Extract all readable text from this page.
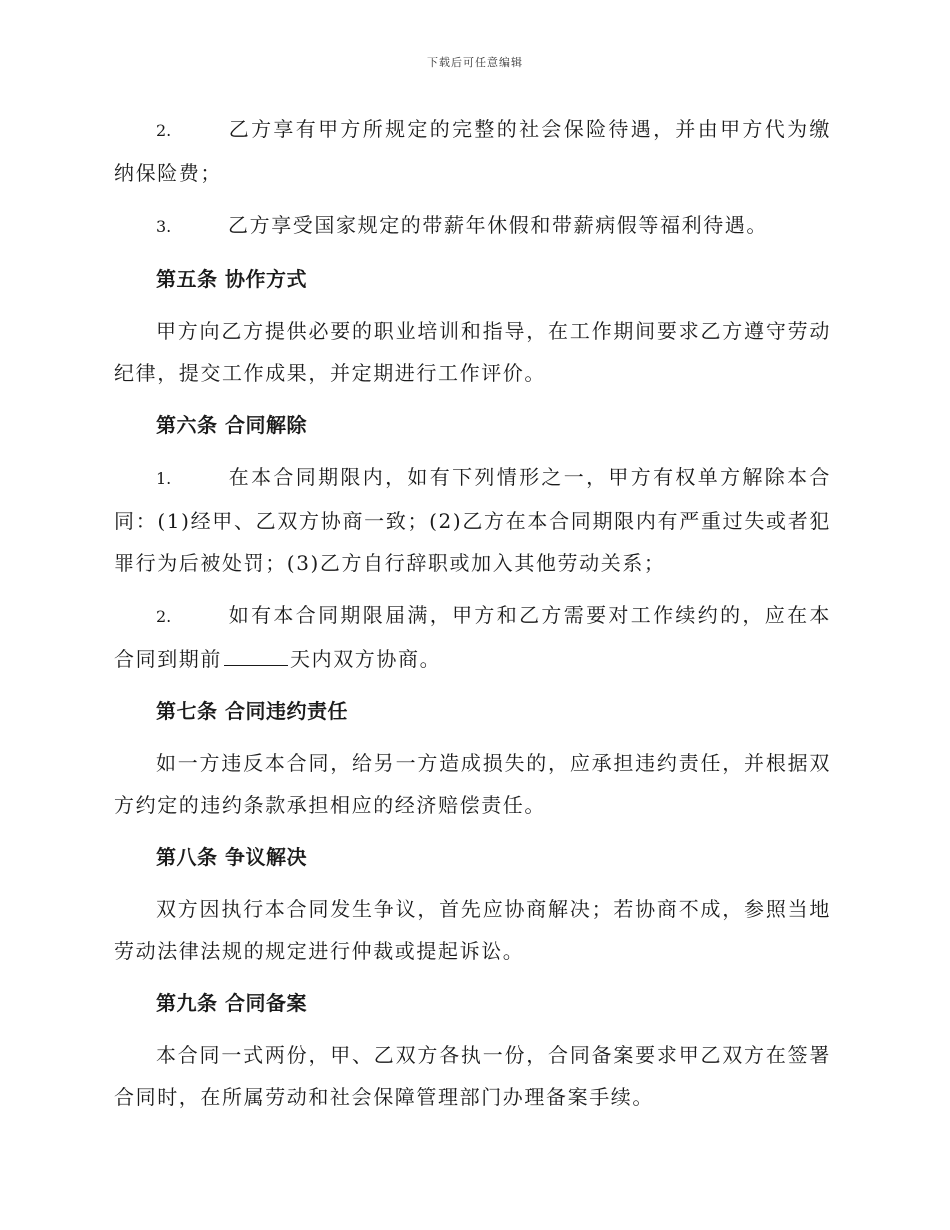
下载后可任意编辑

2.	乙方享有甲方所规定的完整的社会保险待遇，并由甲方代为缴纳保险费；

3.	乙方享受国家规定的带薪年休假和带薪病假等福利待遇。

第五条 协作方式

甲方向乙方提供必要的职业培训和指导，在工作期间要求乙方遵守劳动纪律，提交工作成果，并定期进行工作评价。

第六条 合同解除

1.	在本合同期限内，如有下列情形之一，甲方有权单方解除本合同：(1)经甲、乙双方协商一致；(2)乙方在本合同期限内有严重过失或者犯罪行为后被处罚；(3)乙方自行辞职或加入其他劳动关系；

2.	如有本合同期限届满，甲方和乙方需要对工作续约的，应在本合同到期前	天内双方协商。

第七条 合同违约责任

如一方违反本合同，给另一方造成损失的，应承担违约责任，并根据双方约定的违约条款承担相应的经济赔偿责任。

第八条 争议解决

双方因执行本合同发生争议，首先应协商解决；若协商不成，参照当地劳动法律法规的规定进行仲裁或提起诉讼。

第九条 合同备案

本合同一式两份，甲、乙双方各执一份，合同备案要求甲乙双方在签署合同时，在所属劳动和社会保障管理部门办理备案手续。
